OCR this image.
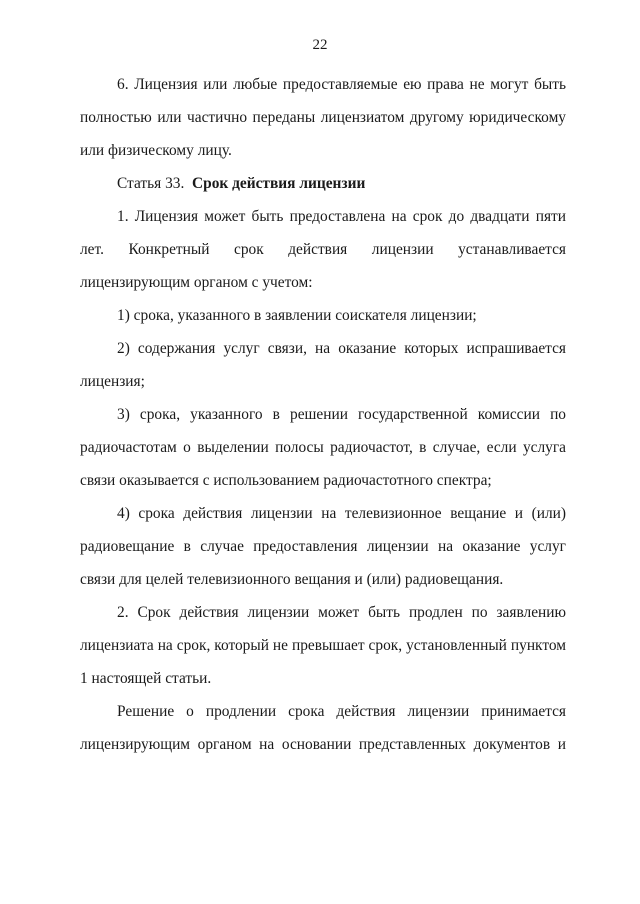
22

6. Лицензия или любые предоставляемые ею права не могут быть полностью или частично переданы лицензиатом другому юридическому или физическому лицу.

Статья 33. Срок действия лицензии

1. Лицензия может быть предоставлена на срок до двадцати пяти лет. Конкретный срок действия лицензии устанавливается лицензирующим органом с учетом:

1) срока, указанного в заявлении соискателя лицензии;

2) содержания услуг связи, на оказание которых испрашивается лицензия;

3) срока, указанного в решении государственной комиссии по радиочастотам о выделении полосы радиочастот, в случае, если услуга связи оказывается с использованием радиочастотного спектра;

4) срока действия лицензии на телевизионное вещание и (или) радиовещание в случае предоставления лицензии на оказание услуг связи для целей телевизионного вещания и (или) радиовещания.

2. Срок действия лицензии может быть продлен по заявлению лицензиата на срок, который не превышает срок, установленный пунктом 1 настоящей статьи.

Решение о продлении срока действия лицензии принимается лицензирующим органом на основании представленных документов и
